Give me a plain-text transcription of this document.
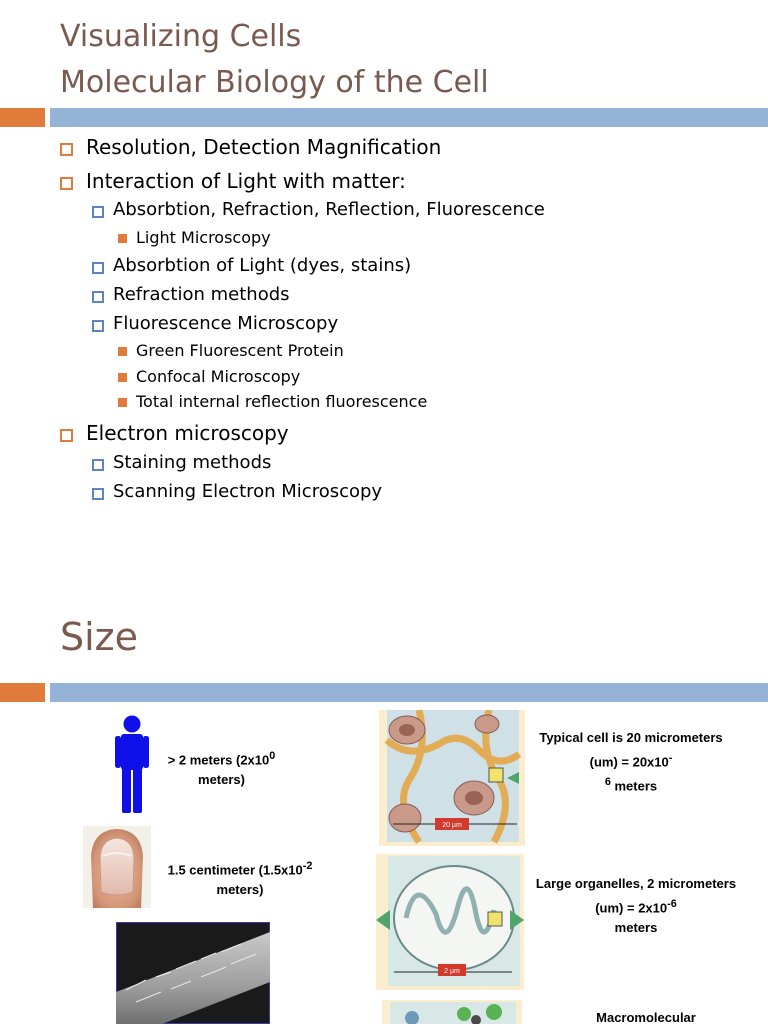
Visualizing Cells
Molecular Biology of the Cell
Resolution, Detection Magnification
Interaction of Light with matter:
Absorbtion, Refraction, Reflection, Fluorescence
Light Microscopy
Absorbtion of Light (dyes, stains)
Refraction methods
Fluorescence Microscopy
Green Fluorescent Protein
Confocal Microscopy
Total internal reflection fluorescence
Electron microscopy
Staining methods
Scanning Electron Microscopy
Size
> 2 meters ($2x10^0$
meters)
1.5 centimeter ($1.5x10^{-2}$
meters)
20 µm
Typical cell is 20 micrometers (um) = 20x10-
$^6$ meters
2 µm
Large organelles, 2 micrometers $(um) = 2x10^{-6}$
meters
Macromolecular
